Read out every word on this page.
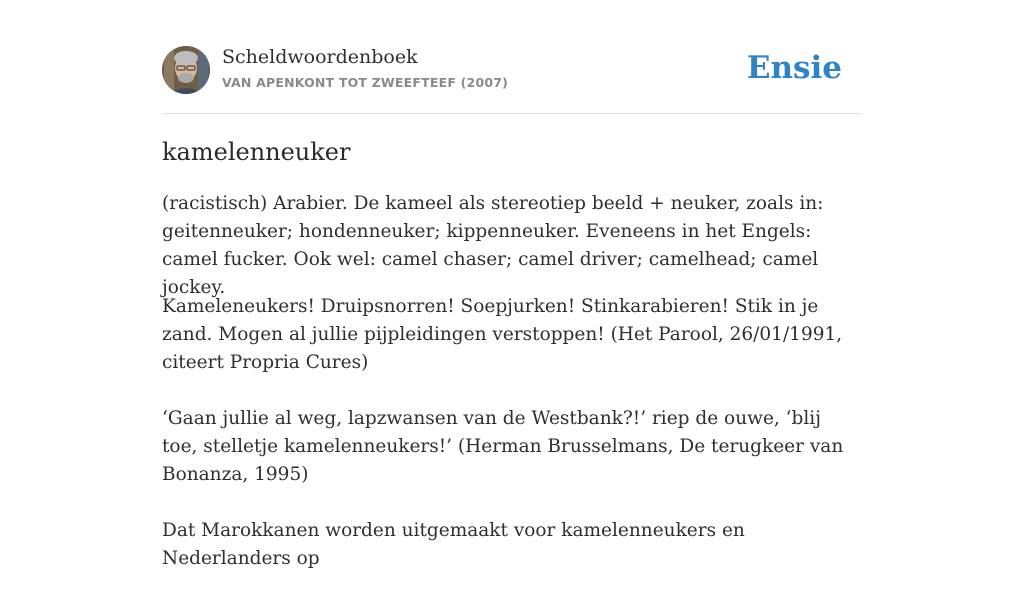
Scheldwoordenboek
VAN APENKONT TOT ZWEEFTEEF (2007)	Ensie
kamelenneuker

(racistisch) Arabier. De kameel als stereotiep beeld + neuker, zoals in: geitenneuker; hondenneuker; kippenneuker. Eveneens in het Engels: camel fucker. Ook wel: camel chaser; camel driver; camelhead; camel jockey.

Kameleneukers! Druipsnorren! Soepjurken! Stinkarabieren! Stik in je zand. Mogen al jullie pijpleidingen verstoppen! (Het Parool, 26/01/1991, citeert Propria Cures)

‘Gaan jullie al weg, lapzwansen van de Westbank?!’ riep de ouwe, ‘blij toe, stelletje kamelenneukers!’ (Herman Brusselmans, De terugkeer van Bonanza, 1995)

Dat Marokkanen worden uitgemaakt voor kamelenneukers en Nederlanders op
